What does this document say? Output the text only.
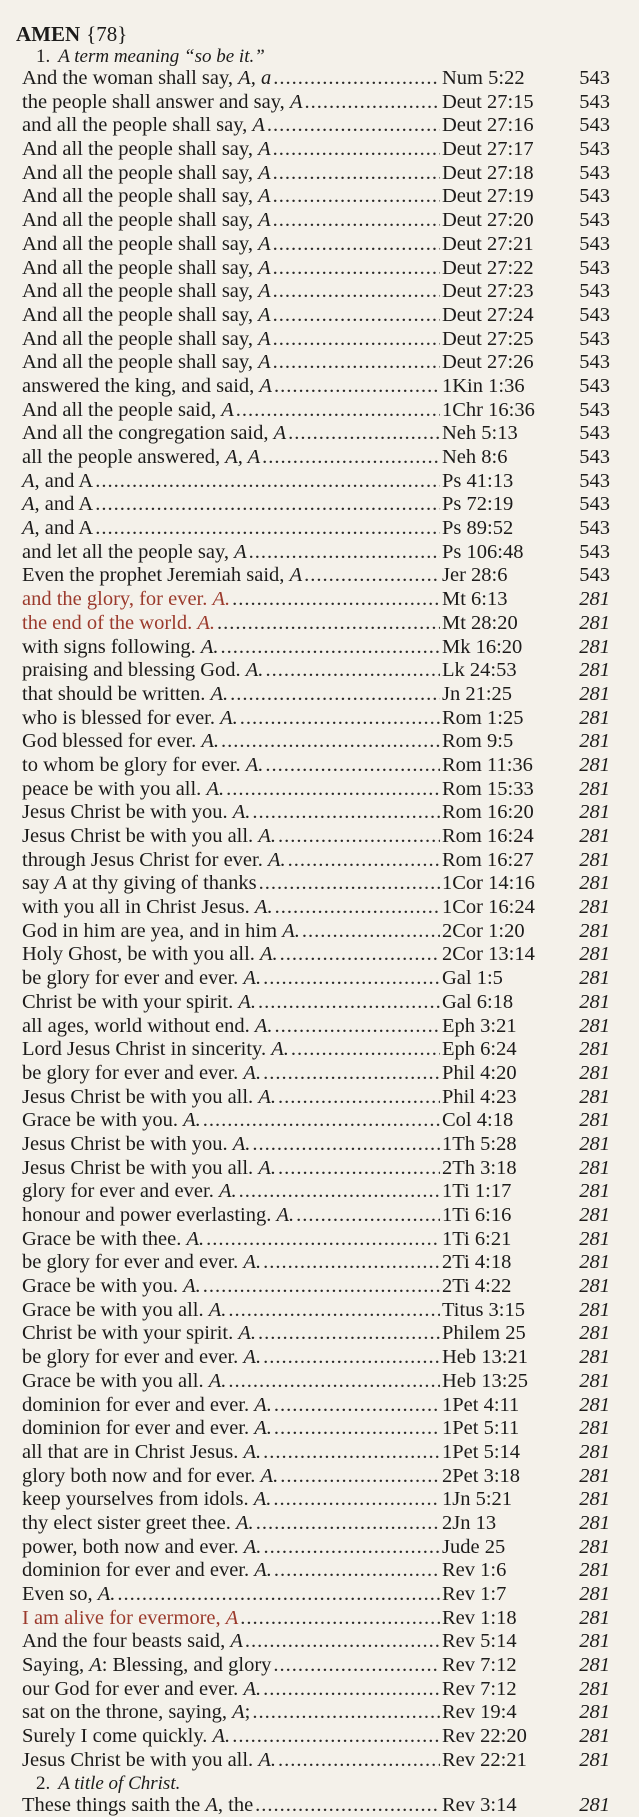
AMEN {78}
1. A term meaning “so be it.”
And the woman shall say, A, a .....	Num 5:22	543
the people shall answer and say, A .....	Deut 27:15	543
and all the people shall say, A .....	Deut 27:16	543
And all the people shall say, A .....	Deut 27:17	543
And all the people shall say, A .....	Deut 27:18	543
And all the people shall say, A .....	Deut 27:19	543
And all the people shall say, A .....	Deut 27:20	543
And all the people shall say, A .....	Deut 27:21	543
And all the people shall say, A .....	Deut 27:22	543
And all the people shall say, A .....	Deut 27:23	543
And all the people shall say, A .....	Deut 27:24	543
And all the people shall say, A .....	Deut 27:25	543
And all the people shall say, A .....	Deut 27:26	543
answered the king, and said, A .....	1Kin 1:36	543
And all the people said, A .....	1Chr 16:36	543
And all the congregation said, A .....	Neh 5:13	543
all the people answered, A, A .....	Neh 8:6	543
A, and A .....	Ps 41:13	543
A, and A .....	Ps 72:19	543
A, and A .....	Ps 89:52	543
and let all the people say, A .....	Ps 106:48	543
Even the prophet Jeremiah said, A .....	Jer 28:6	543
and the glory, for ever. A. .....	Mt 6:13	281
the end of the world. A. .....	Mt 28:20	281
with signs following. A. .....	Mk 16:20	281
praising and blessing God. A. .....	Lk 24:53	281
that should be written. A. .....	Jn 21:25	281
who is blessed for ever. A. .....	Rom 1:25	281
God blessed for ever. A. .....	Rom 9:5	281
to whom be glory for ever. A. .....	Rom 11:36	281
peace be with you all. A. .....	Rom 15:33	281
Jesus Christ be with you. A. .....	Rom 16:20	281
Jesus Christ be with you all. A. .....	Rom 16:24	281
through Jesus Christ for ever. A. .....	Rom 16:27	281
say A at thy giving of thanks .....	1Cor 14:16	281
with you all in Christ Jesus. A. .....	1Cor 16:24	281
God in him are yea, and in him A. .....	2Cor 1:20	281
Holy Ghost, be with you all. A. .....	2Cor 13:14	281
be glory for ever and ever. A. .....	Gal 1:5	281
Christ be with your spirit. A. .....	Gal 6:18	281
all ages, world without end. A. .....	Eph 3:21	281
Lord Jesus Christ in sincerity. A. .....	Eph 6:24	281
be glory for ever and ever. A. .....	Phil 4:20	281
Jesus Christ be with you all. A. .....	Phil 4:23	281
Grace be with you. A. .....	Col 4:18	281
Jesus Christ be with you. A. .....	1Th 5:28	281
Jesus Christ be with you all. A. .....	2Th 3:18	281
glory for ever and ever. A. .....	1Ti 1:17	281
honour and power everlasting. A. .....	1Ti 6:16	281
Grace be with thee. A. .....	1Ti 6:21	281
be glory for ever and ever. A. .....	2Ti 4:18	281
Grace be with you. A. .....	2Ti 4:22	281
Grace be with you all. A. .....	Titus 3:15	281
Christ be with your spirit. A. .....	Philem 25	281
be glory for ever and ever. A. .....	Heb 13:21	281
Grace be with you all. A. .....	Heb 13:25	281
dominion for ever and ever. A. .....	1Pet 4:11	281
dominion for ever and ever. A. .....	1Pet 5:11	281
all that are in Christ Jesus. A. .....	1Pet 5:14	281
glory both now and for ever. A. .....	2Pet 3:18	281
keep yourselves from idols. A. .....	1Jn 5:21	281
thy elect sister greet thee. A. .....	2Jn 13	281
power, both now and ever. A. .....	Jude 25	281
dominion for ever and ever. A. .....	Rev 1:6	281
Even so, A. .....	Rev 1:7	281
I am alive for evermore, A .....	Rev 1:18	281
And the four beasts said, A .....	Rev 5:14	281
Saying, A: Blessing, and glory .....	Rev 7:12	281
our God for ever and ever. A. .....	Rev 7:12	281
sat on the throne, saying, A; .....	Rev 19:4	281
Surely I come quickly. A. .....	Rev 22:20	281
Jesus Christ be with you all. A. .....	Rev 22:21	281
2. A title of Christ.
These things saith the A, the .....	Rev 3:14	281
